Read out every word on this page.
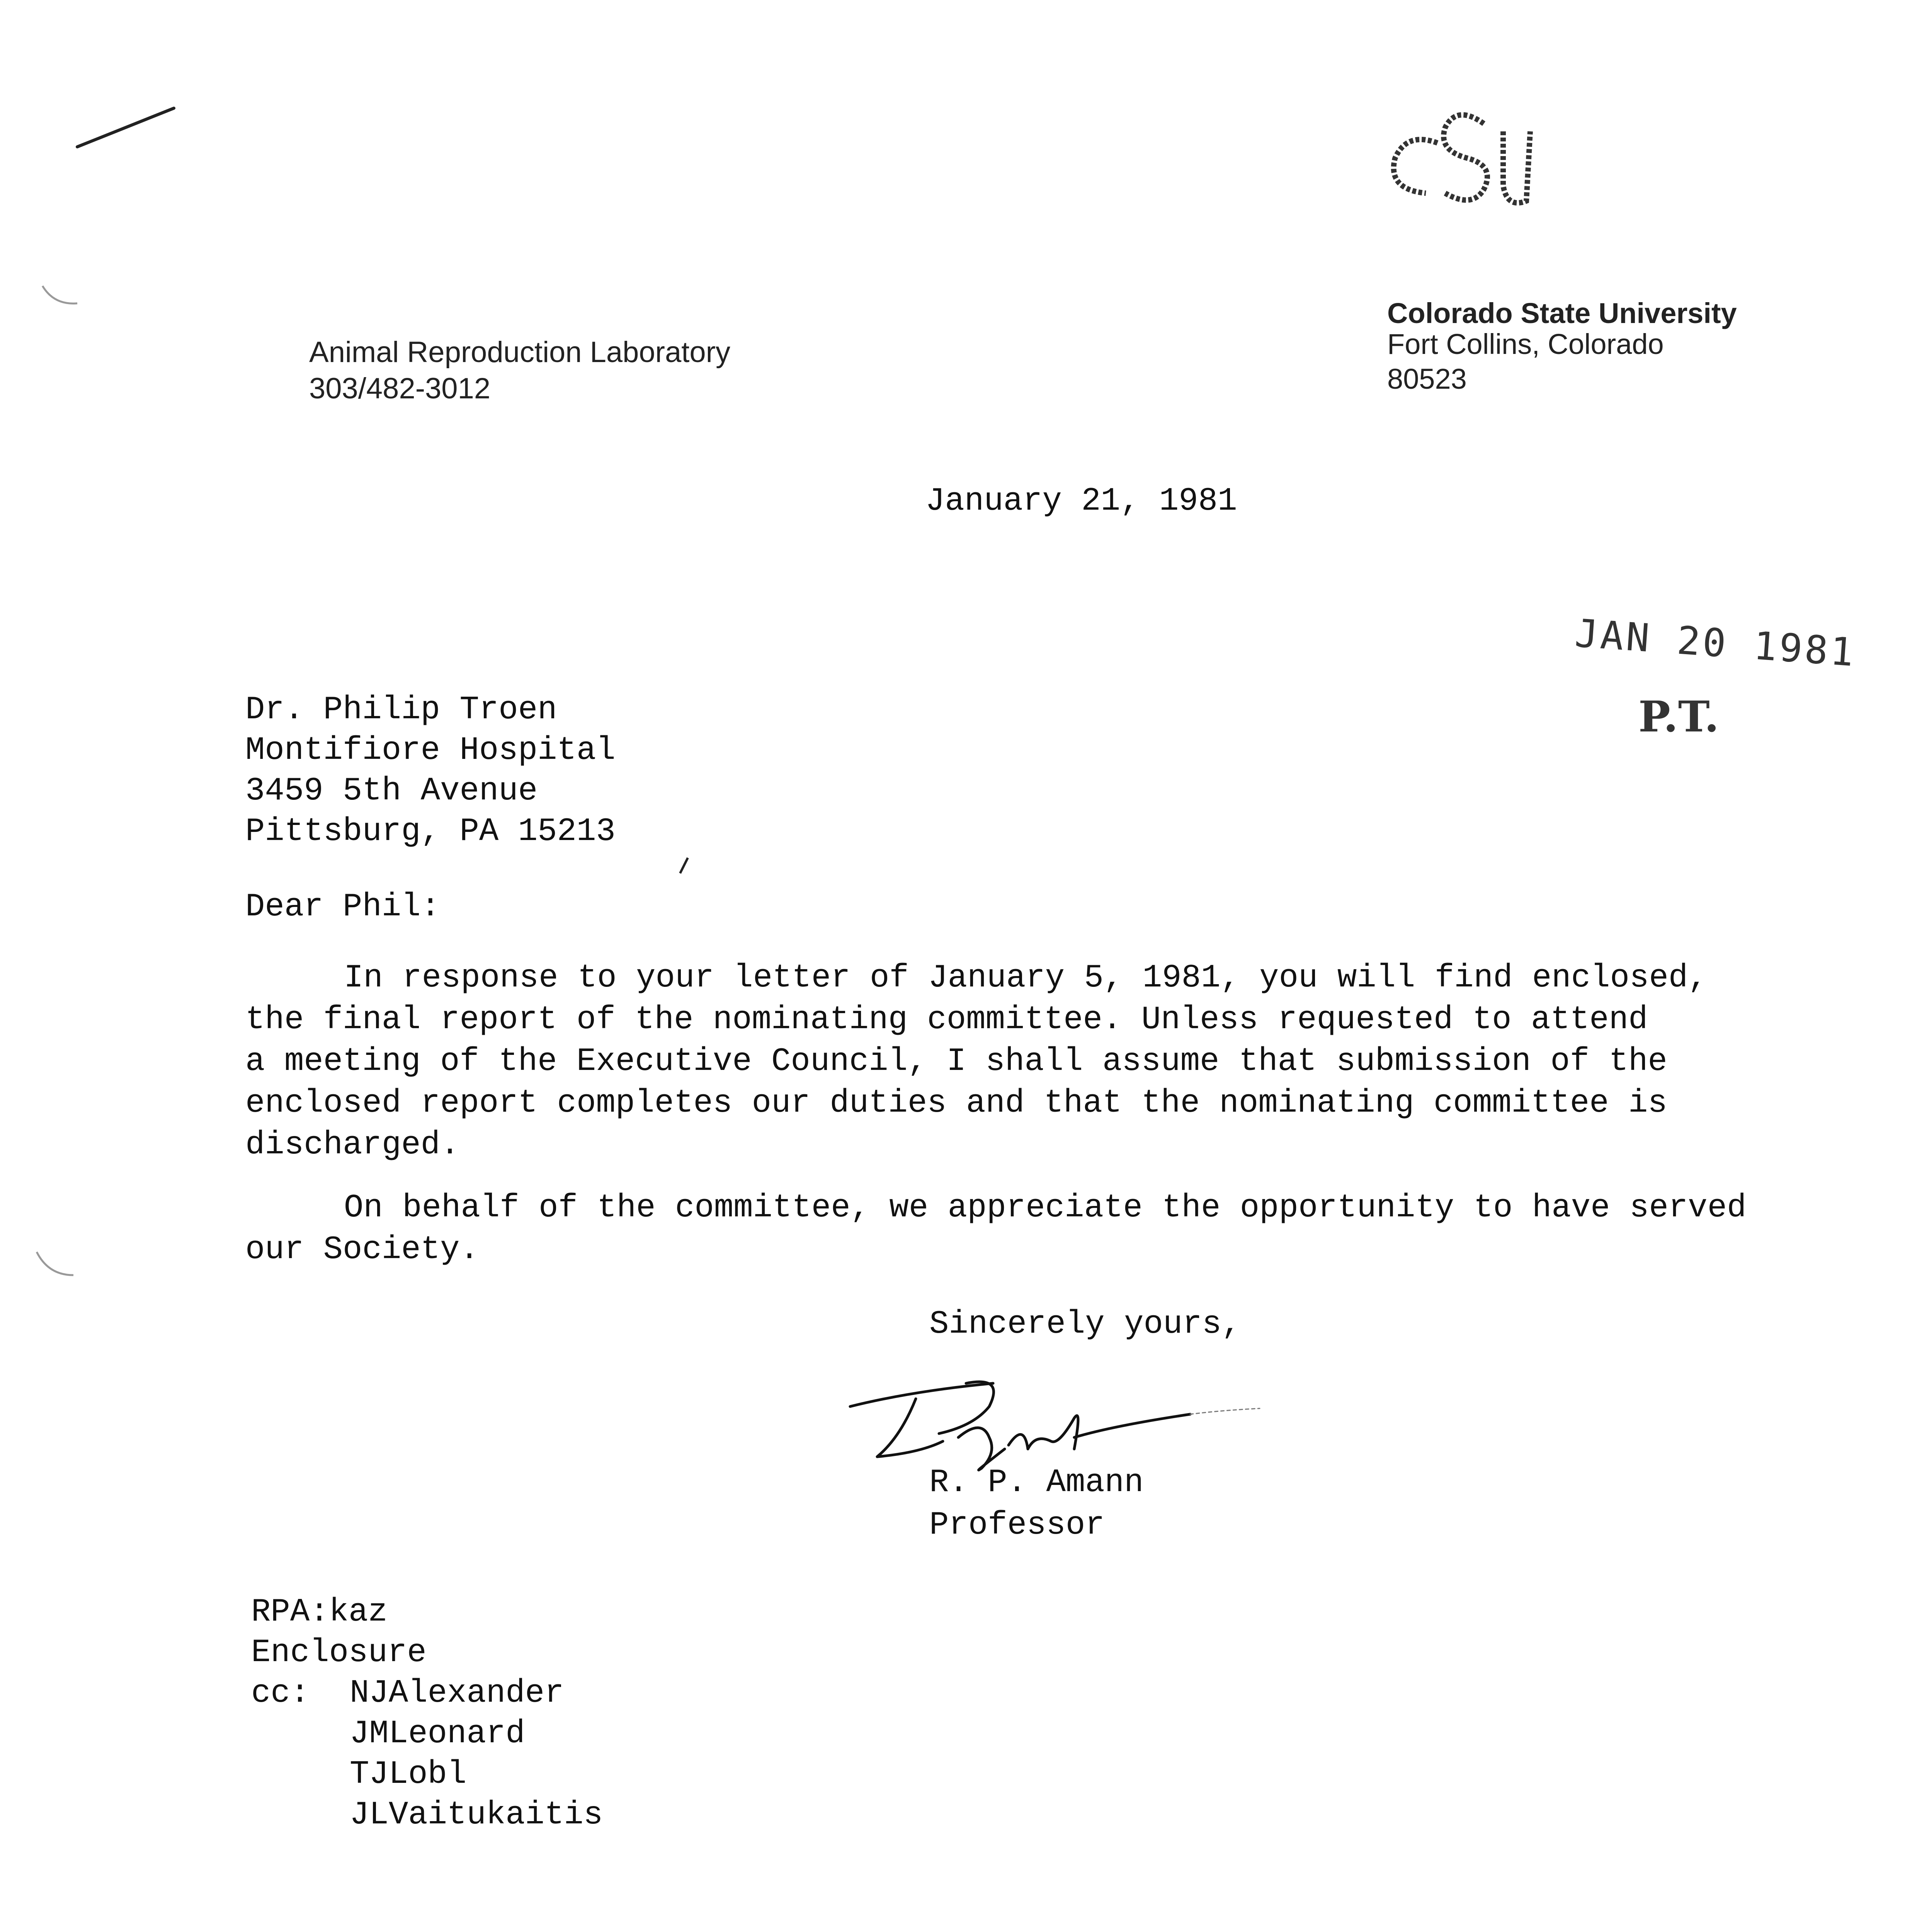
Animal Reproduction Laboratory
303/482-3012
Colorado State University
Fort Collins, Colorado
80523
January 21, 1981
JAN 20 1981
P.T.
Dr. Philip Troen
Montifiore Hospital
3459 5th Avenue
Pittsburg, PA 15213
Dear Phil:
In response to your letter of January 5, 1981, you will find enclosed,
the final report of the nominating committee. Unless requested to attend
a meeting of the Executive Council, I shall assume that submission of the
enclosed report completes our duties and that the nominating committee is
discharged.
On behalf of the committee, we appreciate the opportunity to have served
our Society.
Sincerely yours,
R. P. Amann
Professor
RPA:kaz
Enclosure
cc: NJAlexander
JMLeonard
TJLobl
JLVaitukaitis
